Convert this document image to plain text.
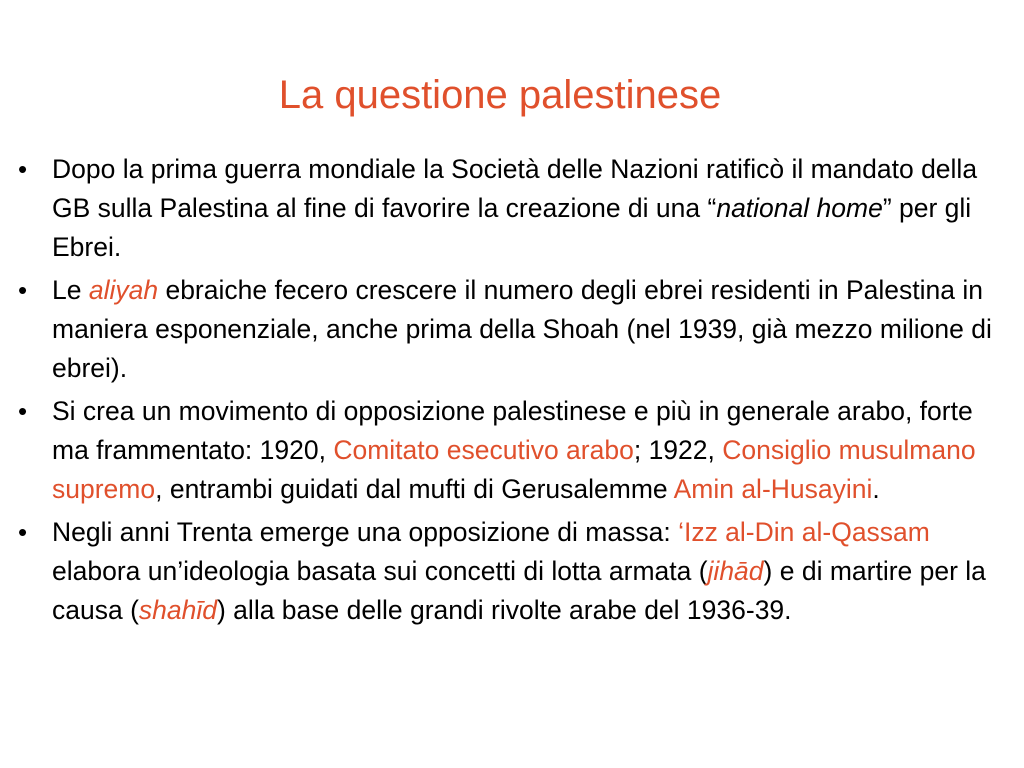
La questione palestinese
• Dopo la prima guerra mondiale la Società delle Nazioni ratificò il mandato della GB sulla Palestina al fine di favorire la creazione di una “national home” per gli Ebrei.
• Le aliyah ebraiche fecero crescere il numero degli ebrei residenti in Palestina in maniera esponenziale, anche prima della Shoah (nel 1939, già mezzo milione di ebrei).
• Si crea un movimento di opposizione palestinese e più in generale arabo, forte ma frammentato: 1920, Comitato esecutivo arabo; 1922, Consiglio musulmano supremo, entrambi guidati dal mufti di Gerusalemme Amin al-Husayini.
• Negli anni Trenta emerge una opposizione di massa: ‘Izz al-Din al-Qassam elabora un’ideologia basata sui concetti di lotta armata (jihād) e di martire per la causa (shahīd) alla base delle grandi rivolte arabe del 1936-39.
